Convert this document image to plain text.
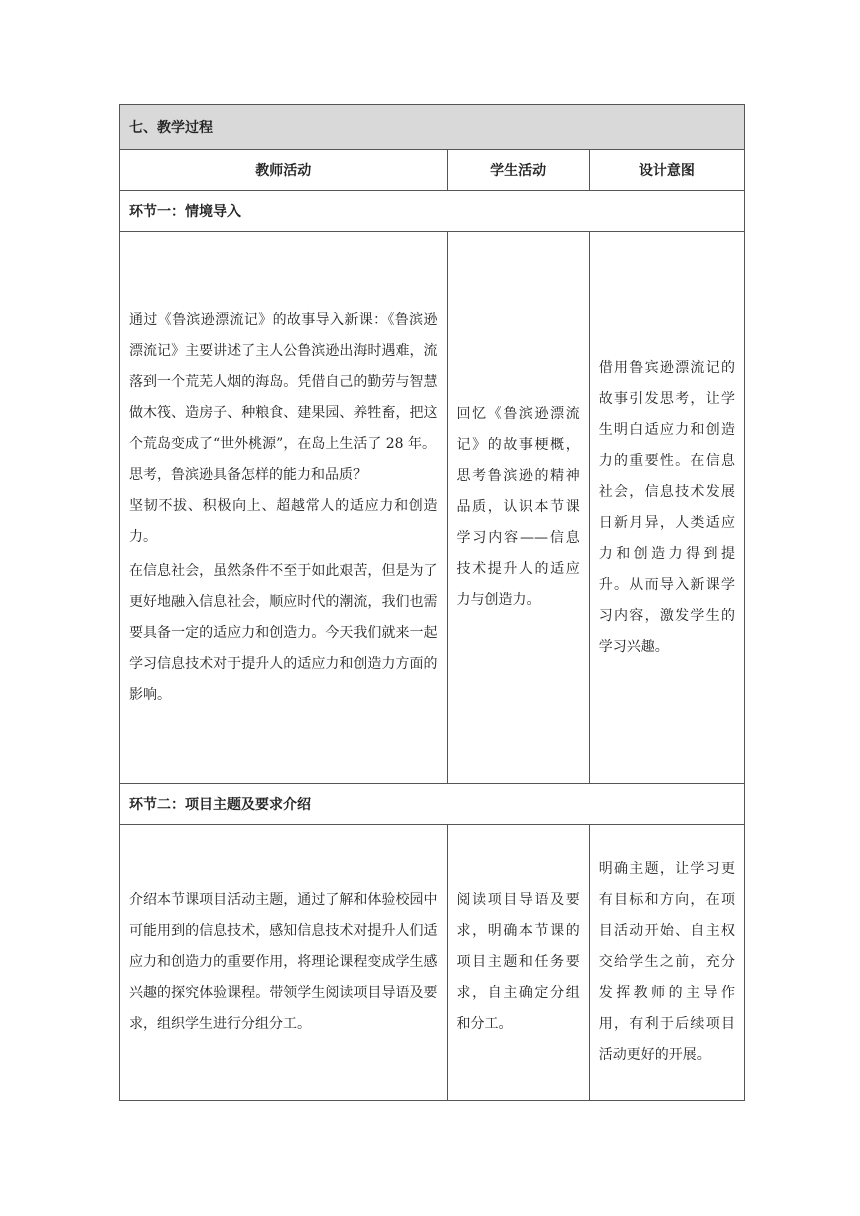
七、教学过程		
教师活动	学生活动	设计意图
环节一：情境导入		

通过《鲁滨逊漂流记》的故事导入新课：《鲁滨逊漂流记》主要讲述了主人公鲁滨逊出海时遇难，流落到一个荒芜人烟的海岛。凭借自己的勤劳与智慧做木筏、造房子、种粮食、建果园、养牲畜，把这个荒岛变成了“世外桃源”，在岛上生活了 28 年。

思考，鲁滨逊具备怎样的能力和品质？

坚韧不拔、积极向上、超越常人的适应力和创造力。

在信息社会，虽然条件不至于如此艰苦，但是为了更好地融入信息社会，顺应时代的潮流，我们也需要具备一定的适应力和创造力。今天我们就来一起学习信息技术对于提升人的适应力和创造力方面的影响。	回忆《鲁滨逊漂流记》的故事梗概，思考鲁滨逊的精神品质，认识本节课学习内容——信息技术提升人的适应力与创造力。	借用鲁宾逊漂流记的故事引发思考，让学生明白适应力和创造力的重要性。在信息社会，信息技术发展日新月异，人类适应力和创造力得到提升。从而导入新课学习内容，激发学生的学习兴趣。

环节二：项目主题及要求介绍		

介绍本节课项目活动主题，通过了解和体验校园中可能用到的信息技术，感知信息技术对提升人们适应力和创造力的重要作用，将理论课程变成学生感兴趣的探究体验课程。带领学生阅读项目导语及要求，组织学生进行分组分工。	阅读项目导语及要求，明确本节课的项目主题和任务要求，自主确定分组和分工。	明确主题，让学习更有目标和方向，在项目活动开始、自主权交给学生之前，充分发挥教师的主导作用，有利于后续项目活动更好的开展。
